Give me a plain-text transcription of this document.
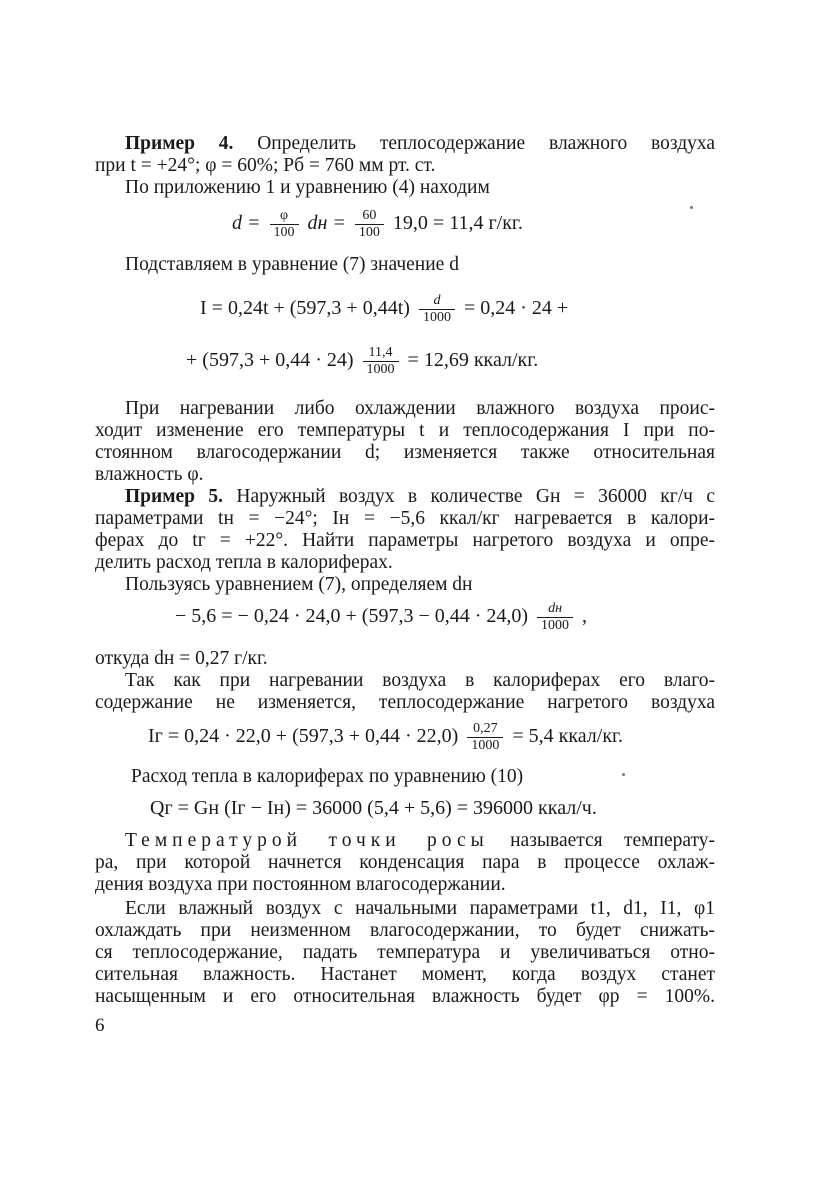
Пример 4. Определить теплосодержание влажного воздуха
при t = +24°; φ = 60%; Pб = 760 мм рт. ст.
По приложению 1 и уравнению (4) находим
$d = \frac{\varphi}{100}$ dн = $\frac{60}{100} 19,0 = 11,4$ г/кг.
Подставляем в уравнение (7) значение d
$I = 0,24t + (597,3 + 0,44t) \frac{d}{1000} = 0,24 \cdot 24$ +
+ $(597,3 + 0,44 \cdot 24) \frac{11,4}{1000} = 12,69$ ккал/кг.
При нагревании либо охлаждении влажного воздуха проис-
ходит изменение его температуры t и теплосодержания I при по-
стоянном влагосодержании d; изменяется также относительная
влажность φ.
Пример 5. Наружный воздух в количестве Gн = 36000 кг/ч с
параметрами tн = −24°; Iн = −5,6 ккал/кг нагревается в калори-
ферах до tг = +22°. Найти параметры нагретого воздуха и опре-
делить расход тепла в калориферах.
Пользуясь уравнением (7), определяем dн
− 5,6 = − $0,24 \cdot 24,0 + (597,3 - 0,44 \cdot 24,0) \frac{dн}{1000}$ ,
откуда dн = 0,27 г/кг.
Так как при нагревании воздуха в калориферах его влаго-
содержание не изменяется, теплосодержание нагретого воздуха
Iг = $0,24 \cdot 22,0 + (597,3 + 0,44 \cdot 22,0) \frac{0,27}{1000} = 5,4$ ккал/кг.
Расход тепла в калориферах по уравнению (10)
Qг = Gн (Iг − Iн) = 36000 (5,4 + 5,6) = 396000 ккал/ч.
Температурой точки росы называется температу-
ра, при которой начнется конденсация пара в процессе охлаж-
дения воздуха при постоянном влагосодержании.
Если влажный воздух с начальными параметрами t1, d1, I1, φ1
охлаждать при неизменном влагосодержании, то будет снижать-
ся теплосодержание, падать температура и увеличиваться отно-
сительная влажность. Настанет момент, когда воздух станет
насыщенным и его относительная влажность будет φр = 100%.
6
